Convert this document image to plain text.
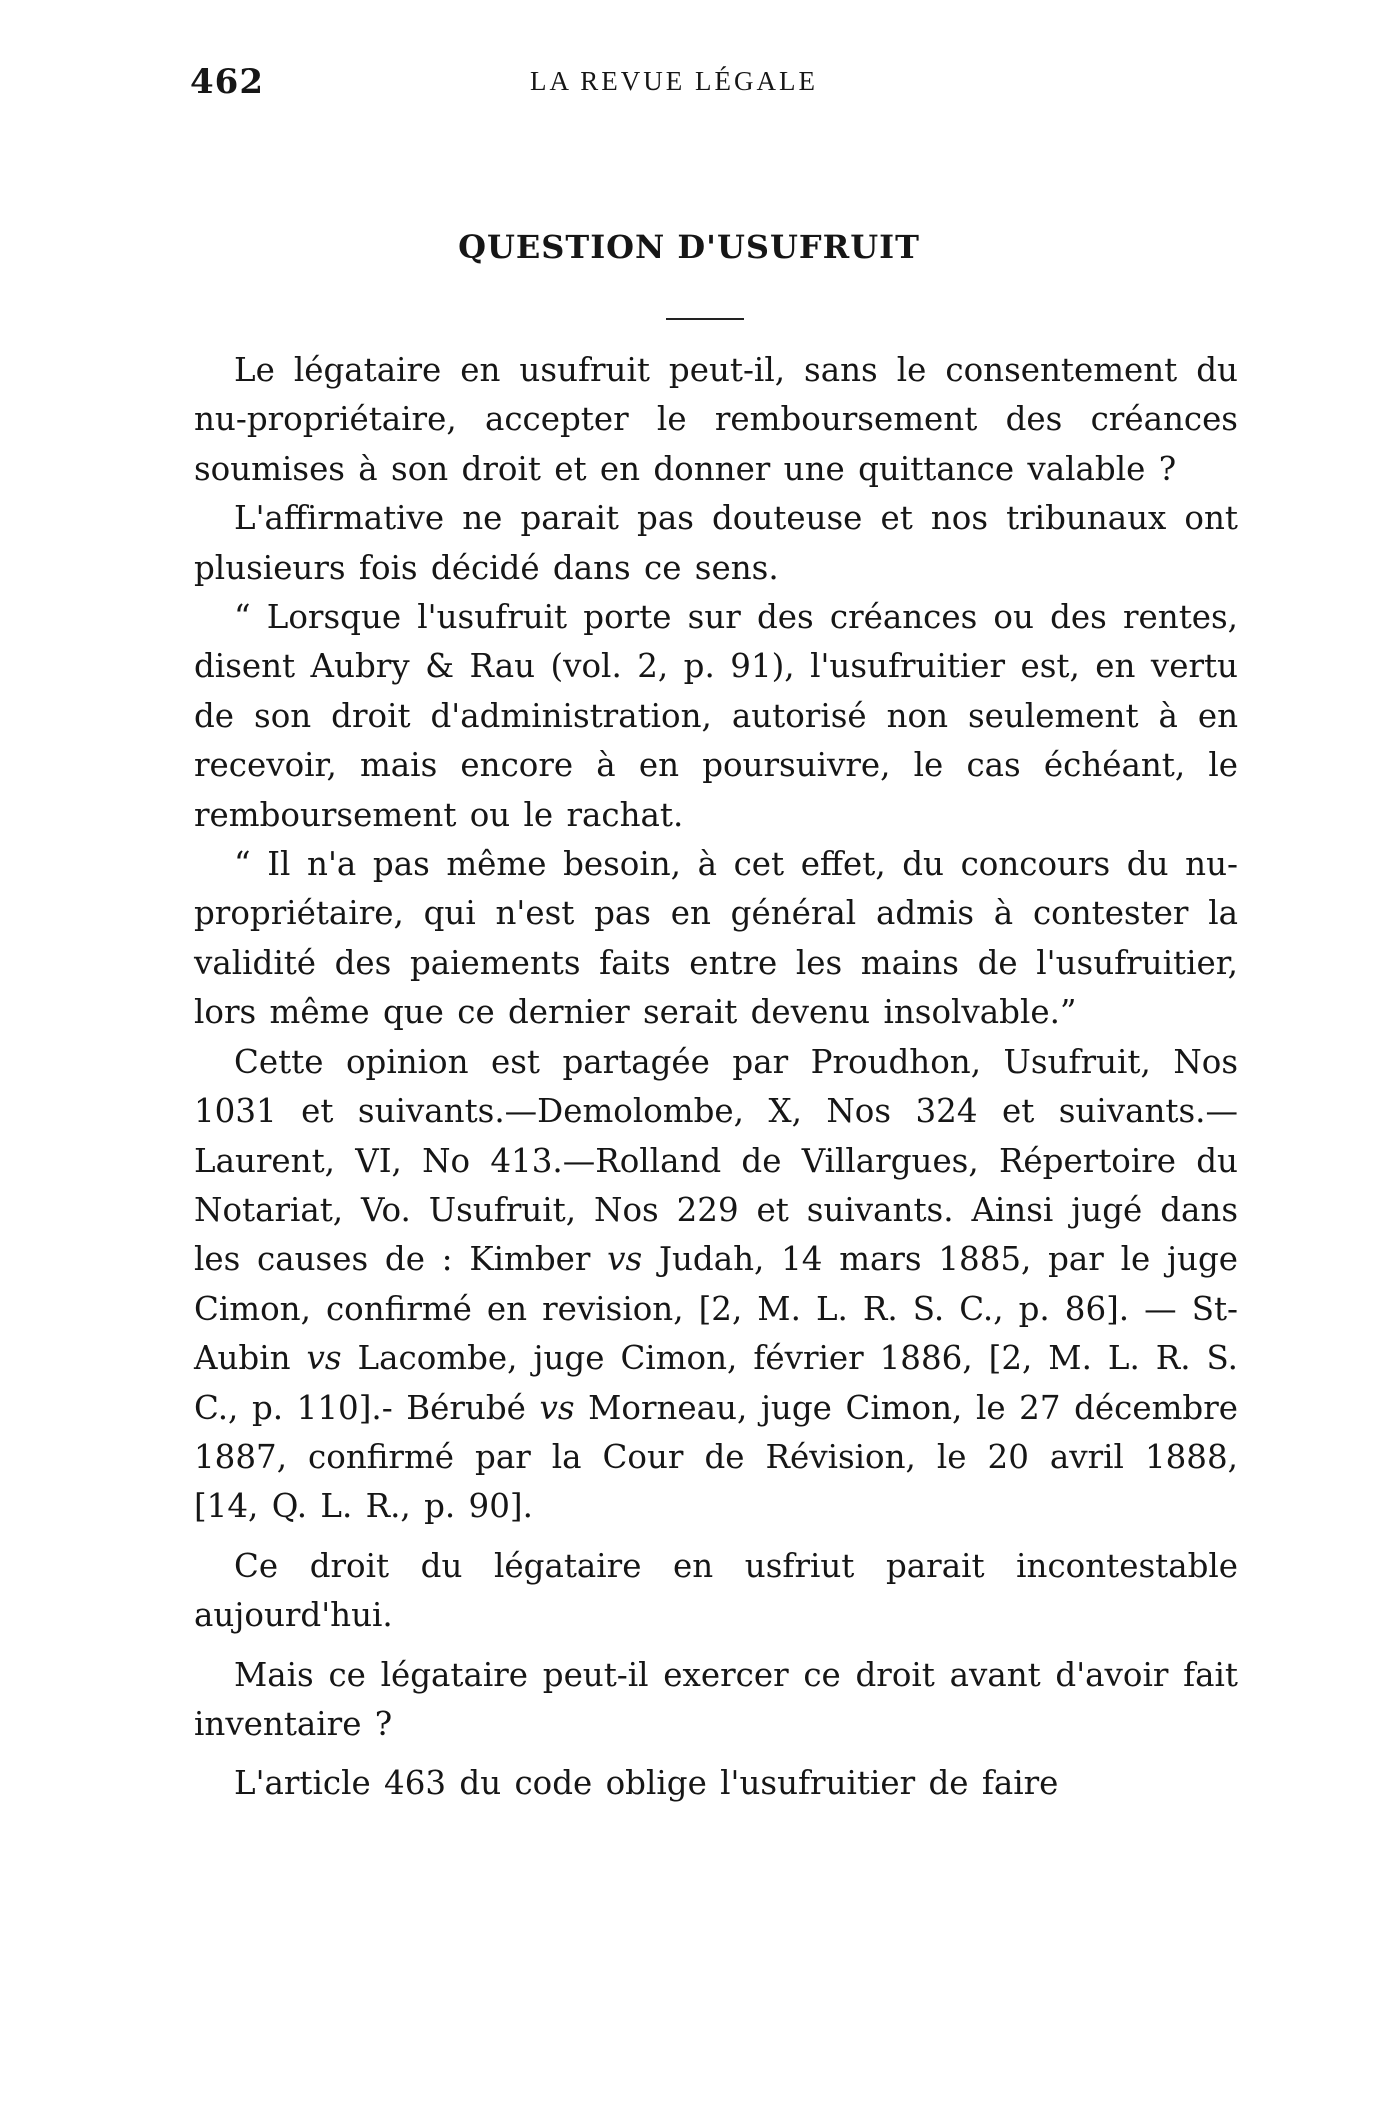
462	LA REVUE LÉGALE
QUESTION D'USUFRUIT

Le légataire en usufruit peut-il, sans le consentement du nu-propriétaire, accepter le remboursement des créances soumises à son droit et en donner une quittance valable ?

L'affirmative ne parait pas douteuse et nos tribunaux ont plusieurs fois décidé dans ce sens.

“ Lorsque l'usufruit porte sur des créances ou des rentes, disent Aubry & Rau (vol. 2, p. 91), l'usufruitier est, en vertu de son droit d'administration, autorisé non seulement à en recevoir, mais encore à en poursuivre, le cas échéant, le remboursement ou le rachat.

“ Il n'a pas même besoin, à cet effet, du concours du nu-propriétaire, qui n'est pas en général admis à contester la validité des paiements faits entre les mains de l'usufruitier, lors même que ce dernier serait devenu insolvable.”

Cette opinion est partagée par Proudhon, Usufruit, Nos 1031 et suivants.—Demolombe, X, Nos 324 et suivants.—Laurent, VI, No 413.—Rolland de Villargues, Répertoire du Notariat, Vo. Usufruit, Nos 229 et suivants. Ainsi jugé dans les causes de : Kimber vs Judah, 14 mars 1885, par le juge Cimon, confirmé en revision, [2, M. L. R. S. C., p. 86]. — St-Aubin vs Lacombe, juge Cimon, février 1886, [2, M. L. R. S. C., p. 110].- Bérubé vs Morneau, juge Cimon, le 27 décembre 1887, confirmé par la Cour de Révision, le 20 avril 1888, [14, Q. L. R., p. 90].

Ce droit du légataire en usfriut parait incontestable aujourd'hui.

Mais ce légataire peut-il exercer ce droit avant d'avoir fait inventaire ?

L'article 463 du code oblige l'usufruitier de faire
